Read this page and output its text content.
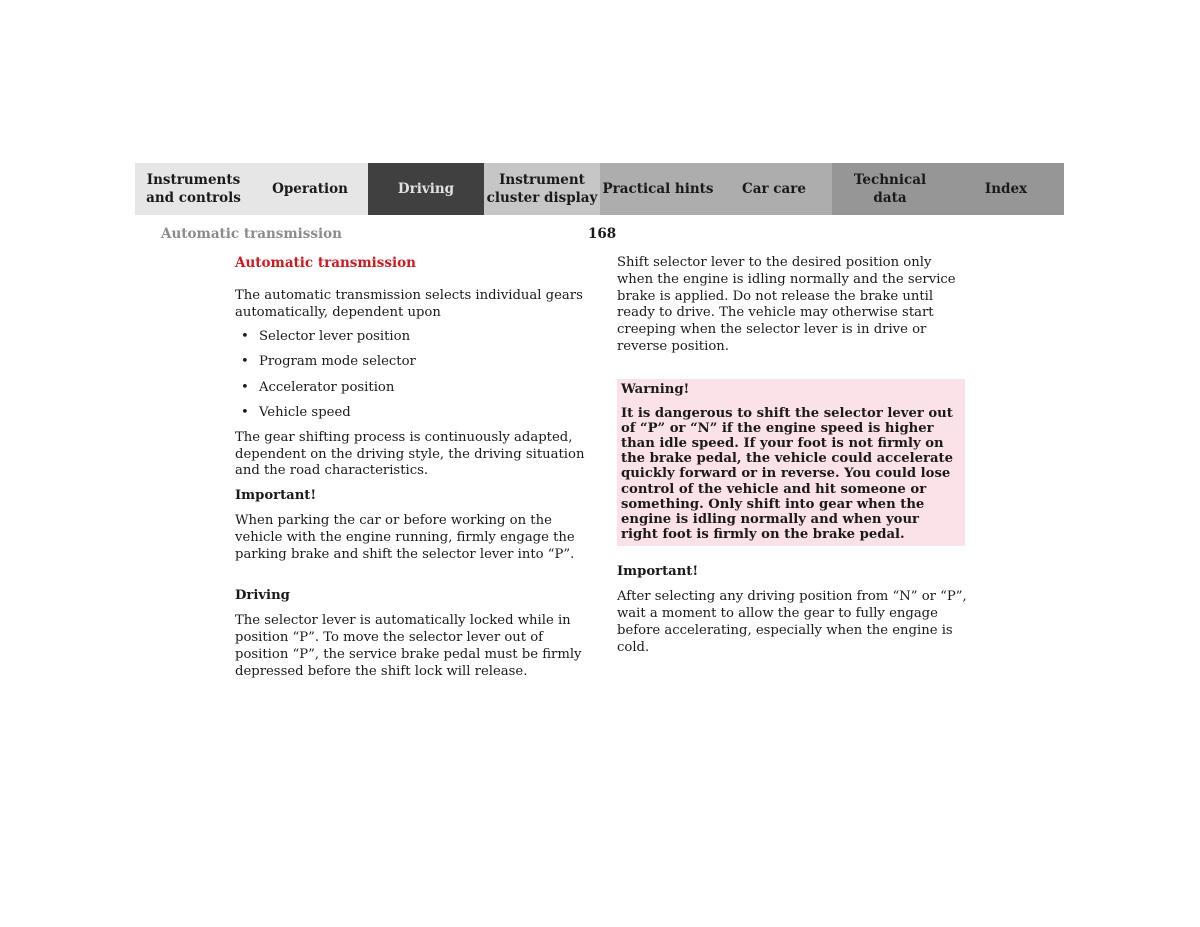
Instruments
and controls
Operation	Driving
Instrument
cluster display
Practical hints	Car care
Technical
data
Index
Automatic transmission	168
Automatic transmission

The automatic transmission selects individual gears automatically, dependent upon

• Selector lever position
• Program mode selector
• Accelerator position
• Vehicle speed

The gear shifting process is continuously adapted, dependent on the driving style, the driving situation and the road characteristics.

Important!

When parking the car or before working on the vehicle with the engine running, firmly engage the parking brake and shift the selector lever into “P”.

Driving

The selector lever is automatically locked while in position “P”. To move the selector lever out of position “P”, the service brake pedal must be firmly depressed before the shift lock will release.

Shift selector lever to the desired position only when the engine is idling normally and the service brake is applied. Do not release the brake until ready to drive. The vehicle may otherwise start creeping when the selector lever is in drive or reverse position.

Warning!
It is dangerous to shift the selector lever out of “P” or “N” if the engine speed is higher than idle speed. If your foot is not firmly on the brake pedal, the vehicle could accelerate quickly forward or in reverse. You could lose control of the vehicle and hit someone or something. Only shift into gear when the engine is idling normally and when your right foot is firmly on the brake pedal.
Important!

After selecting any driving position from “N” or “P”, wait a moment to allow the gear to fully engage before accelerating, especially when the engine is cold.
